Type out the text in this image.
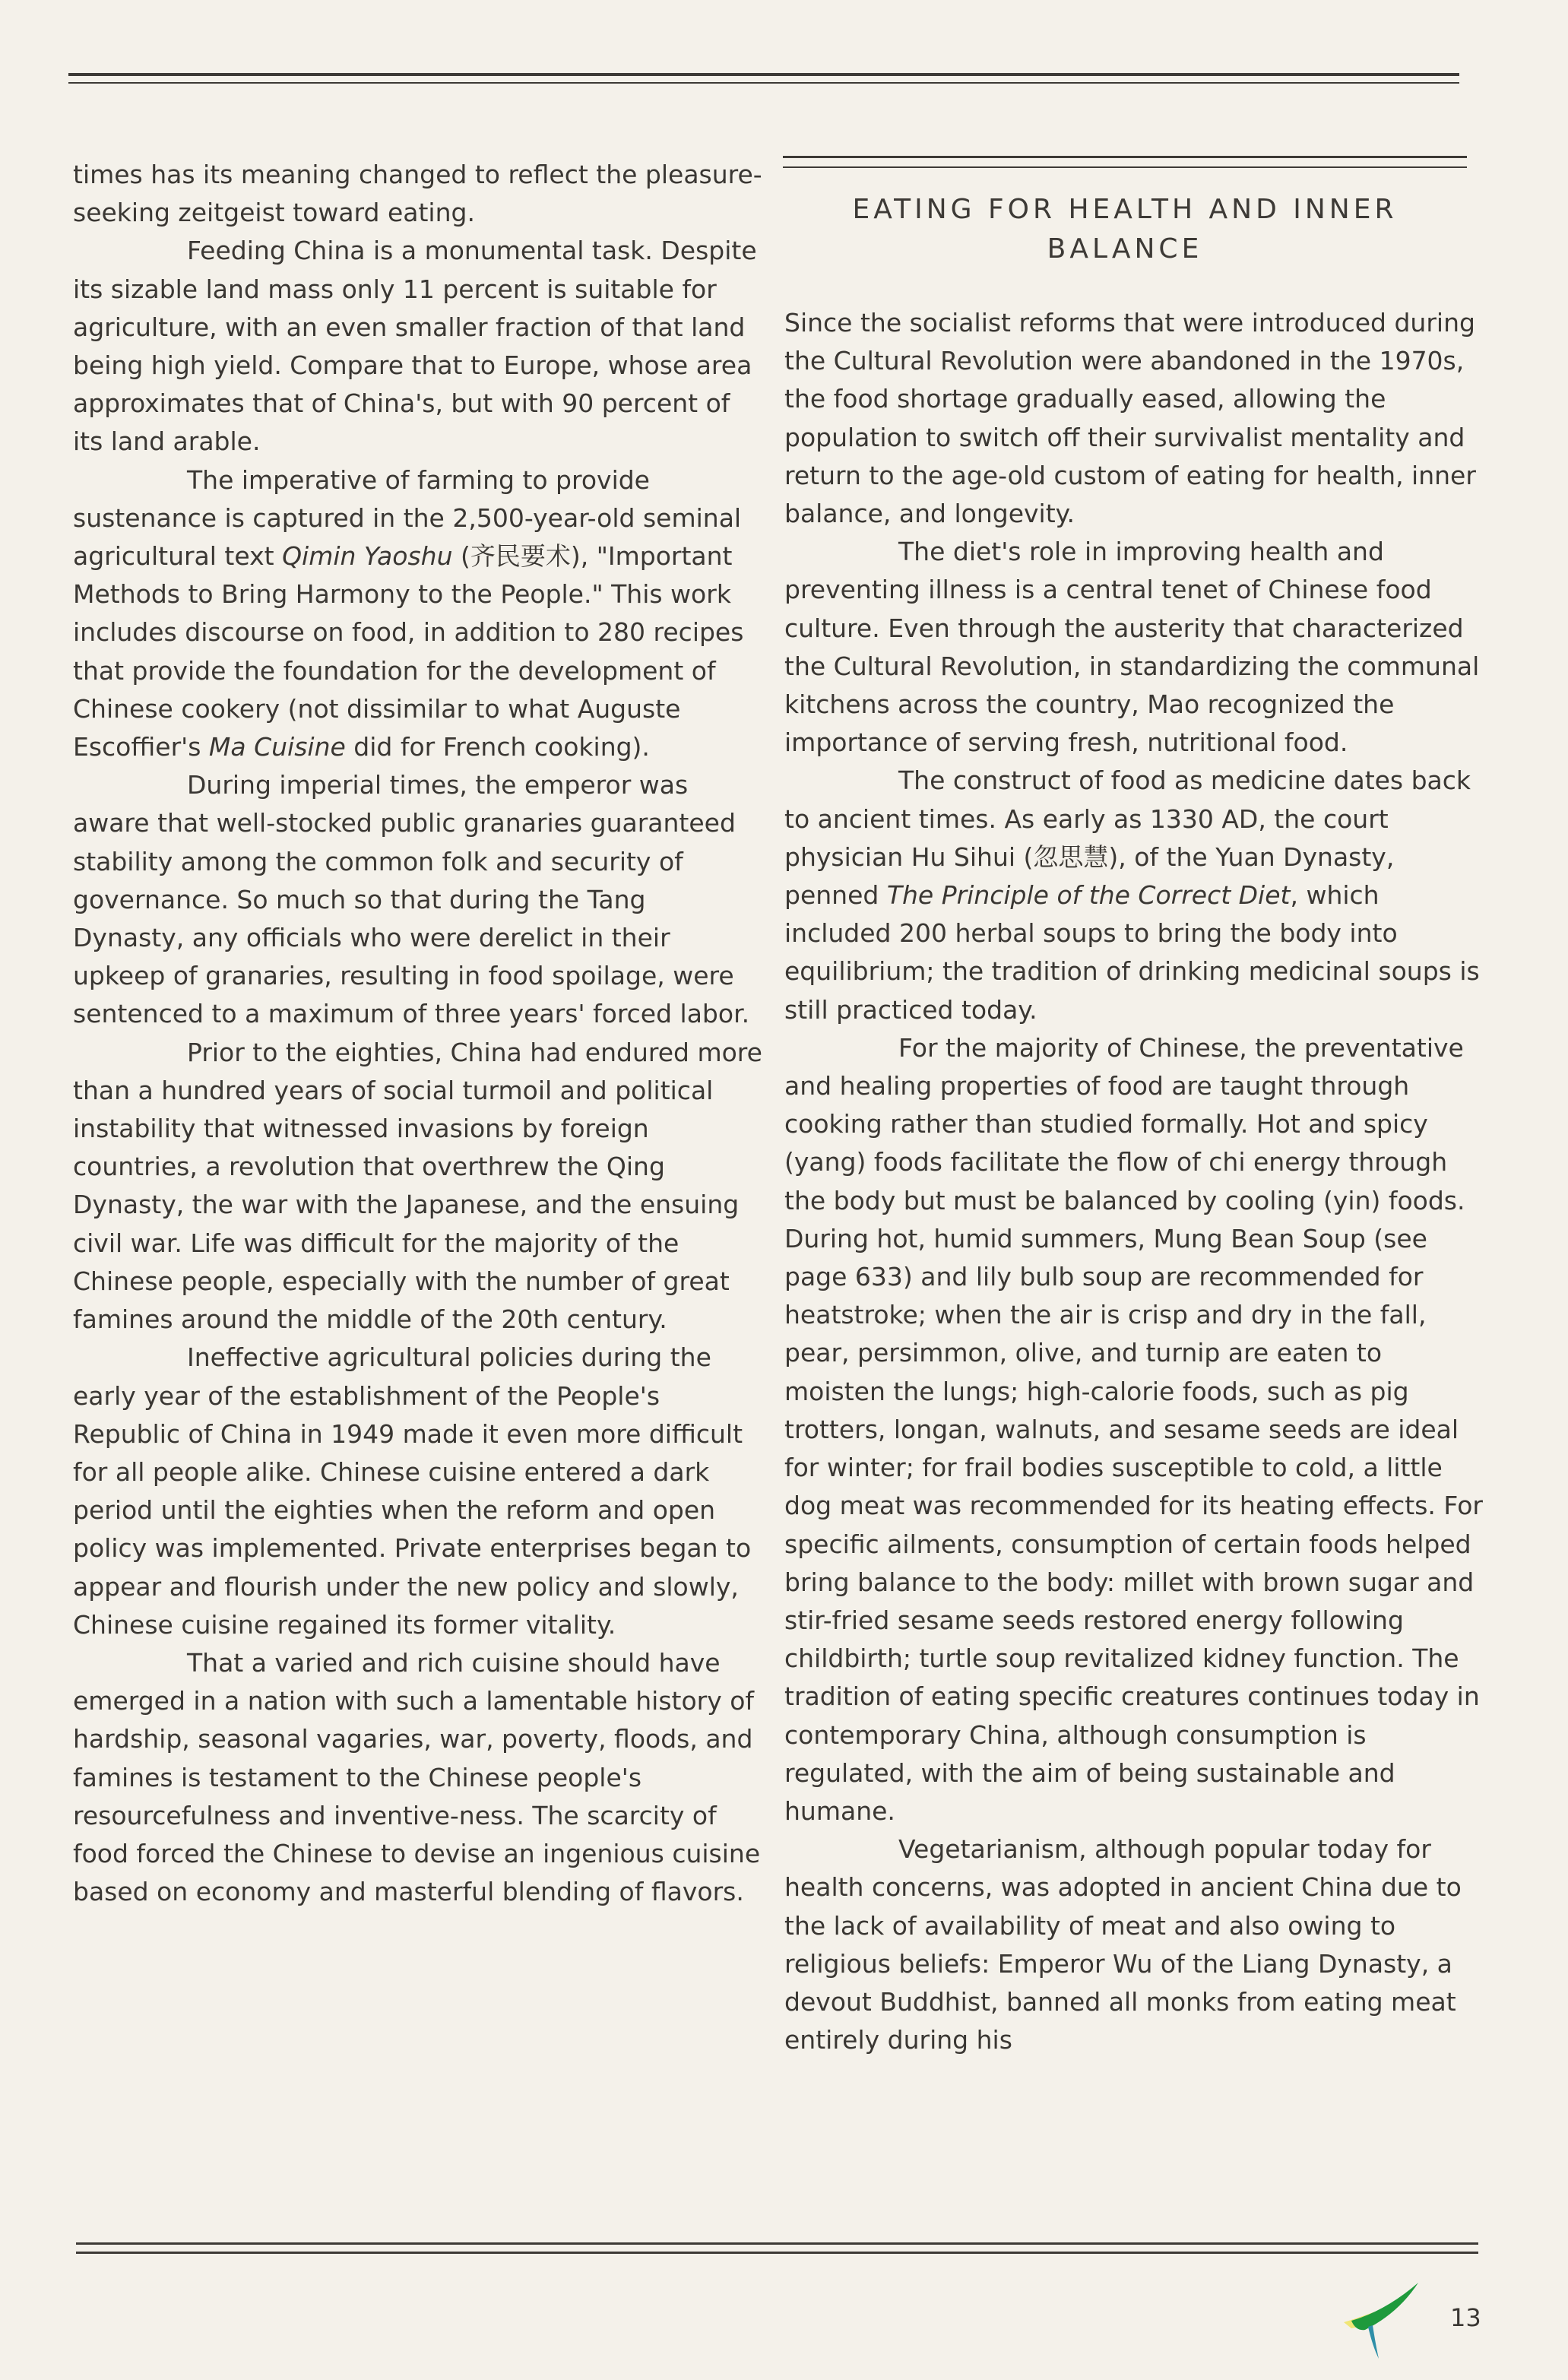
times has its meaning changed to reflect the pleasure-seeking zeitgeist toward eating.

Feeding China is a monumental task. Despite its sizable land mass only 11 percent is suitable for agriculture, with an even smaller fraction of that land being high yield. Compare that to Europe, whose area approximates that of China's, but with 90 percent of its land arable.

The imperative of farming to provide sustenance is captured in the 2,500-year-old seminal agricultural text Qimin Yaoshu (齐民要术), "Important Methods to Bring Harmony to the People." This work includes discourse on food, in addition to 280 recipes that provide the foundation for the development of Chinese cookery (not dissimilar to what Auguste Escoffier's Ma Cuisine did for French cooking).

During imperial times, the emperor was aware that well-stocked public granaries guaranteed stability among the common folk and security of governance. So much so that during the Tang Dynasty, any officials who were derelict in their upkeep of granaries, resulting in food spoilage, were sentenced to a maximum of three years' forced labor.

Prior to the eighties, China had endured more than a hundred years of social turmoil and political instability that witnessed invasions by foreign countries, a revolution that overthrew the Qing Dynasty, the war with the Japanese, and the ensuing civil war. Life was difficult for the majority of the Chinese people, especially with the number of great famines around the middle of the 20th century.

Ineffective agricultural policies during the early year of the establishment of the People's Republic of China in 1949 made it even more difficult for all people alike. Chinese cuisine entered a dark period until the eighties when the reform and open policy was implemented. Private enterprises began to appear and flourish under the new policy and slowly, Chinese cuisine regained its former vitality.

That a varied and rich cuisine should have emerged in a nation with such a lamentable history of hardship, seasonal vagaries, war, poverty, floods, and famines is testament to the Chinese people's resourcefulness and inventive-ness. The scarcity of food forced the Chinese to devise an ingenious cuisine based on economy and masterful blending of flavors.

EATING FOR HEALTH AND INNER
BALANCE

Since the socialist reforms that were introduced during the Cultural Revolution were abandoned in the 1970s, the food shortage gradually eased, allowing the population to switch off their survivalist mentality and return to the age-old custom of eating for health, inner balance, and longevity.

The diet's role in improving health and preventing illness is a central tenet of Chinese food culture. Even through the austerity that characterized the Cultural Revolution, in standardizing the communal kitchens across the country, Mao recognized the importance of serving fresh, nutritional food.

The construct of food as medicine dates back to ancient times. As early as 1330 AD, the court physician Hu Sihui (忽思慧), of the Yuan Dynasty, penned The Principle of the Correct Diet, which included 200 herbal soups to bring the body into equilibrium; the tradition of drinking medicinal soups is still practiced today.

For the majority of Chinese, the preventative and healing properties of food are taught through cooking rather than studied formally. Hot and spicy (yang) foods facilitate the flow of chi energy through the body but must be balanced by cooling (yin) foods. During hot, humid summers, Mung Bean Soup (see page 633) and lily bulb soup are recommended for heatstroke; when the air is crisp and dry in the fall, pear, persimmon, olive, and turnip are eaten to moisten the lungs; high-calorie foods, such as pig trotters, longan, walnuts, and sesame seeds are ideal for winter; for frail bodies susceptible to cold, a little dog meat was recommended for its heating effects. For specific ailments, consumption of certain foods helped bring balance to the body: millet with brown sugar and stir-fried sesame seeds restored energy following childbirth; turtle soup revitalized kidney function. The tradition of eating specific creatures continues today in contemporary China, although consumption is regulated, with the aim of being sustainable and humane.

Vegetarianism, although popular today for health concerns, was adopted in ancient China due to the lack of availability of meat and also owing to religious beliefs: Emperor Wu of the Liang Dynasty, a devout Buddhist, banned all monks from eating meat entirely during his

13
